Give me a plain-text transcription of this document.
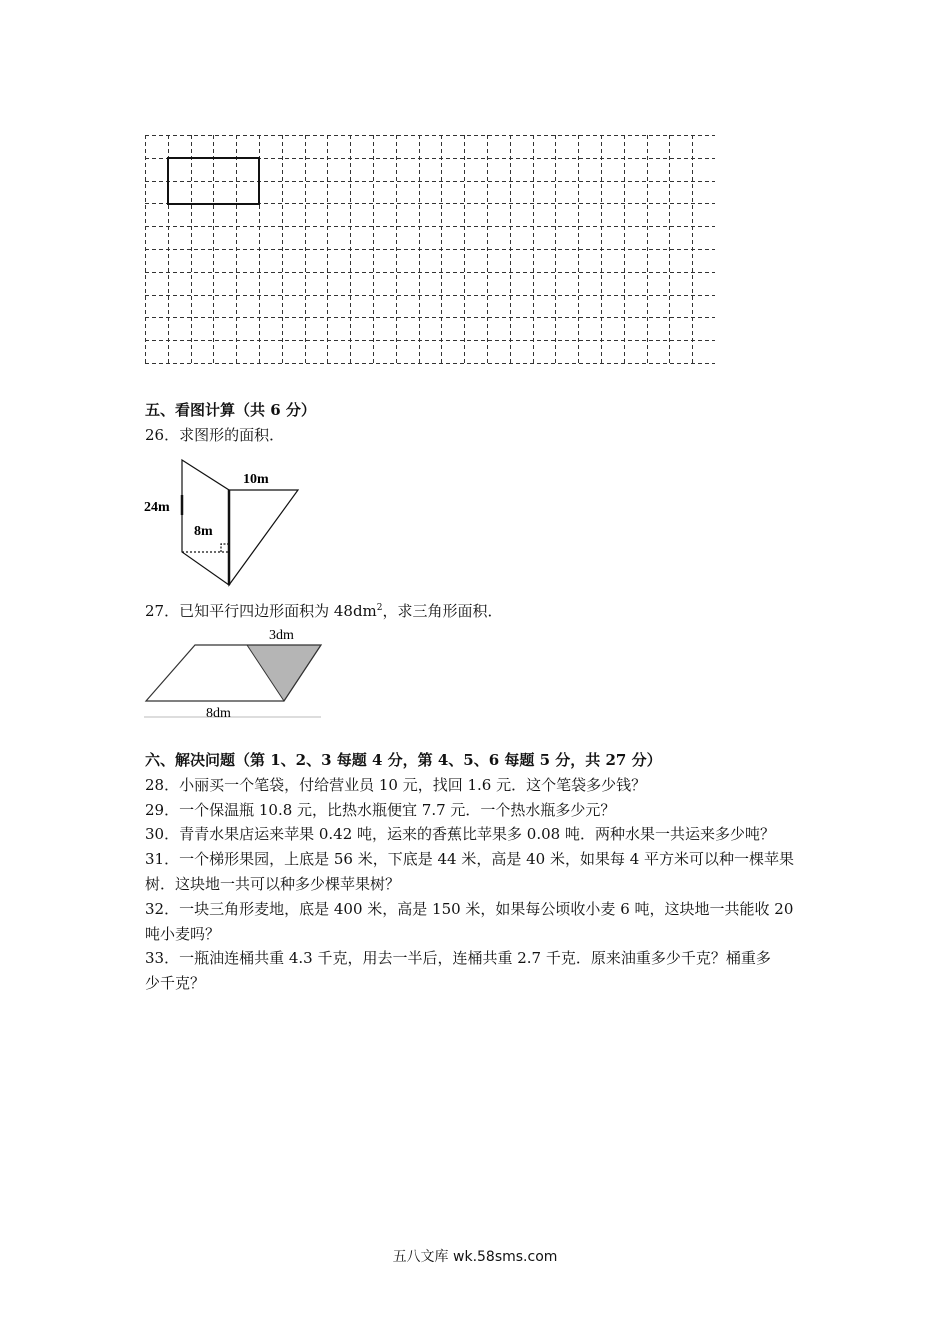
五、看图计算（共 6 分）
26．求图形的面积．
10m
24m
8m
27．已知平行四边形面积为 $48dm^2$，求三角形面积．
3dm
8dm
六、解决问题（第 1、2、3 每题 4 分，第 4、5、6 每题 5 分，共 27 分）
28．小丽买一个笔袋，付给营业员 10 元，找回 1.6 元．这个笔袋多少钱？
29．一个保温瓶 10.8 元，比热水瓶便宜 7.7 元．一个热水瓶多少元？
30．青青水果店运来苹果 0.42 吨，运来的香蕉比苹果多 0.08 吨．两种水果一共运来多少吨？
31．一个梯形果园，上底是 56 米，下底是 44 米，高是 40 米，如果每 4 平方米可以种一棵苹果
树．这块地一共可以种多少棵苹果树？
32．一块三角形麦地，底是 400 米，高是 150 米，如果每公顷收小麦 6 吨，这块地一共能收 20
吨小麦吗？
33．一瓶油连桶共重 4.3 千克，用去一半后，连桶共重 2.7 千克．原来油重多少千克？桶重多
少千克？
五八文库 wk.58sms.com
